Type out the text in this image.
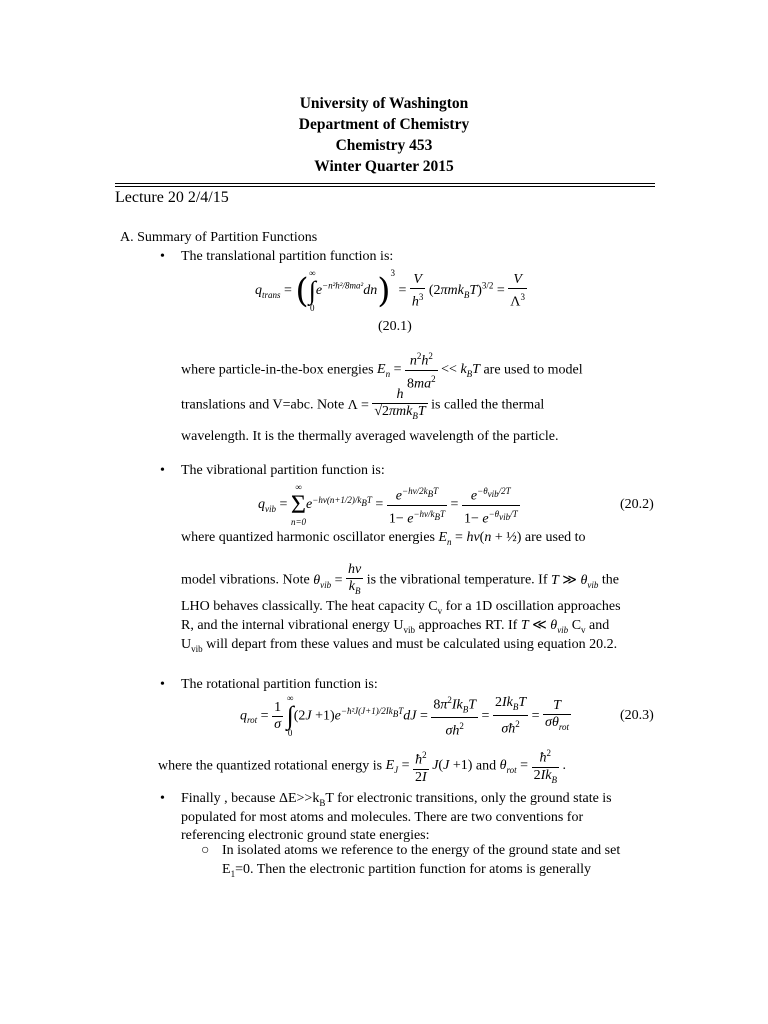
University of Washington
Department of Chemistry
Chemistry 453
Winter Quarter 2015
Lecture 20 2/4/15
A. Summary of Partition Functions
• The translational partition function is:
$q_{trans}$ = (∞
∫
$0e^{-n^2h^2/8ma^2}dn)^3 = \frac{V}{h^3} (2\pi mk_BT)^{3/2} = \frac{V}{\Lambda^3}$
(20.1)
where particle-in-the-box energies $E_n = \frac{n^2h^2}{8ma^2} << k_BT$ are used to model
translations and V=abc. Note $\Lambda = \frac{h}{√2\pi mk_BT}$ is called the thermal
wavelength. It is the thermally averaged wavelength of the particle.
• The vibrational partition function is:
$q_{vib}$ = ∞
Σ
$n=0e^{-h\nu(n+1/2)/k_BT} = \frac{e^{-h\nu/2k_BT}}{1- e^{-h\nu/k_BT}} = \frac{e^{-\theta_{vib}/2T}}{1- e^{-\theta_{vib}/T}}$	(20.2)
where quantized harmonic oscillator energies $E_n = h\nu(n$ + ½) are used to
model vibrations. Note $\theta_{vib} = \frac{h\nu}{k_B}$ is the vibrational temperature. If T ≫ $\theta_{vib}$ the
LHO behaves classically. The heat capacity $C_v$ for a 1D oscillation approaches
R, and the internal vibrational energy $U_{vib}$ approaches RT. If T ≪ $\theta_{vib}$ $C_v$ and
$U_{vib}$ will depart from these values and must be calculated using equation 20.2.
• The rotational partition function is:
$q_{rot} = \frac{1}{\sigma}$
∞
∫
$0(2J +1)e^{-ħ^2J(J+1)/2Ik_BT}dJ = \frac{8\pi^2Ik_BT}{\sigma h^2} = \frac{2Ik_BT}{\sigma ħ^2} = \frac{T}{\sigma\theta_{rot}}$	(20.3)
where the quantized rotational energy is $E_J = \frac{ħ^2}{2I} J(J +1)$ and $\theta_{rot} = \frac{ħ^2}{2Ik_B}$ .
• Finally , because $\Delta E>>k_BT$ for electronic transitions, only the ground state is
populated for most atoms and molecules. There are two conventions for
referencing electronic ground state energies:
○ In isolated atoms we reference to the energy of the ground state and set
$E_1=0$. Then the electronic partition function for atoms is generally
